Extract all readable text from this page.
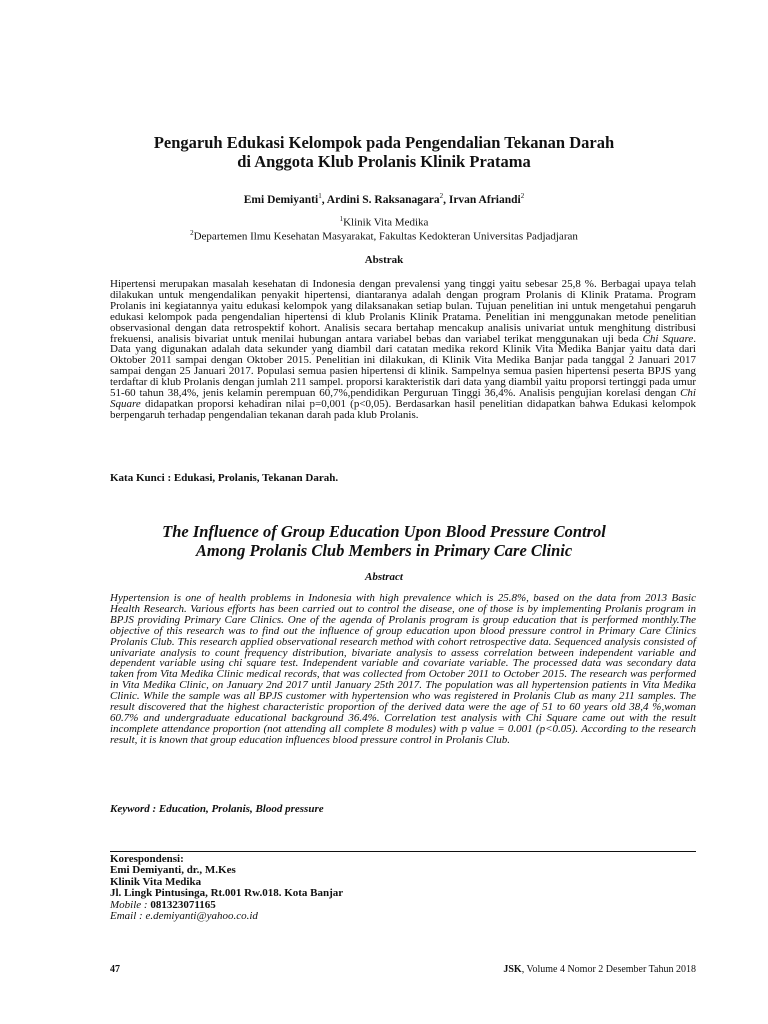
Pengaruh Edukasi Kelompok pada Pengendalian Tekanan Darah
di Anggota Klub Prolanis Klinik Pratama
Emi Demiyanti$^1$, Ardini S. Raksanagara$^2$, Irvan Afriandi$^2$
$^1$Klinik Vita Medika
$^2$Departemen Ilmu Kesehatan Masyarakat, Fakultas Kedokteran Universitas Padjadjaran
Abstrak
Hipertensi merupakan masalah kesehatan di Indonesia dengan prevalensi yang tinggi yaitu sebesar 25,8 %. Berbagai upaya telah dilakukan untuk mengendalikan penyakit hipertensi, diantaranya adalah dengan program Prolanis di Klinik Pratama. Program Prolanis ini kegiatannya yaitu edukasi kelompok yang dilaksanakan setiap bulan. Tujuan penelitian ini untuk mengetahui pengaruh edukasi kelompok pada pengendalian hipertensi di klub Prolanis Klinik Pratama. Penelitian ini menggunakan metode penelitian observasional dengan data retrospektif kohort. Analisis secara bertahap mencakup analisis univariat untuk menghitung distribusi frekuensi, analisis bivariat untuk menilai hubungan antara variabel bebas dan variabel terikat menggunakan uji beda Chi Square. Data yang digunakan adalah data sekunder yang diambil dari catatan medika rekord Klinik Vita Medika Banjar yaitu data dari Oktober 2011 sampai dengan Oktober 2015. Penelitian ini dilakukan, di Klinik Vita Medika Banjar pada tanggal 2 Januari 2017 sampai dengan 25 Januari 2017. Populasi semua pasien hipertensi di klinik. Sampelnya semua pasien hipertensi peserta BPJS yang terdaftar di klub Prolanis dengan jumlah 211 sampel. proporsi karakteristik dari data yang diambil yaitu proporsi tertinggi pada umur 51-60 tahun 38,4%, jenis kelamin perempuan 60,7%,pendidikan Perguruan Tinggi 36,4%. Analisis pengujian korelasi dengan Chi Square didapatkan proporsi kehadiran nilai p=0,001 (p<0,05). Berdasarkan hasil penelitian didapatkan bahwa Edukasi kelompok berpengaruh terhadap pengendalian tekanan darah pada klub Prolanis.
Kata Kunci : Edukasi, Prolanis, Tekanan Darah.
The Influence of Group Education Upon Blood Pressure Control
Among Prolanis Club Members in Primary Care Clinic
Abstract
Hypertension is one of health problems in Indonesia with high prevalence which is 25.8%, based on the data from 2013 Basic Health Research. Various efforts has been carried out to control the disease, one of those is by implementing Prolanis program in BPJS providing Primary Care Clinics. One of the agenda of Prolanis program is group education that is performed monthly.The objective of this research was to find out the influence of group education upon blood pressure control in Primary Care Clinics Prolanis Club. This research applied observational research method with cohort retrospective data. Sequenced analysis consisted of univariate analysis to count frequency distribution, bivariate analysis to assess correlation between independent variable and dependent variable using chi square test. Independent variable and covariate variable. The processed data was secondary data taken from Vita Medika Clinic medical records, that was collected from October 2011 to October 2015. The research was performed in Vita Medika Clinic, on January 2nd 2017 until January 25th 2017. The population was all hypertension patients in Vita Medika Clinic. While the sample was all BPJS customer with hypertension who was registered in Prolanis Club as many 211 samples. The result discovered that the highest characteristic proportion of the derived data were the age of 51 to 60 years old 38,4 %,woman 60.7% and undergraduate educational background 36.4%. Correlation test analysis with Chi Square came out with the result incomplete attendance proportion (not attending all complete 8 modules) with p value = 0.001 (p<0.05). According to the research result, it is known that group education influences blood pressure control in Prolanis Club.
Keyword : Education, Prolanis, Blood pressure
Korespondensi:
Emi Demiyanti, dr., M.Kes
Klinik Vita Medika
Jl. Lingk Pintusinga, Rt.001 Rw.018. Kota Banjar
Mobile : 081323071165
Email : e.demiyanti@yahoo.co.id
47	JSK, Volume 4 Nomor 2 Desember Tahun 2018
